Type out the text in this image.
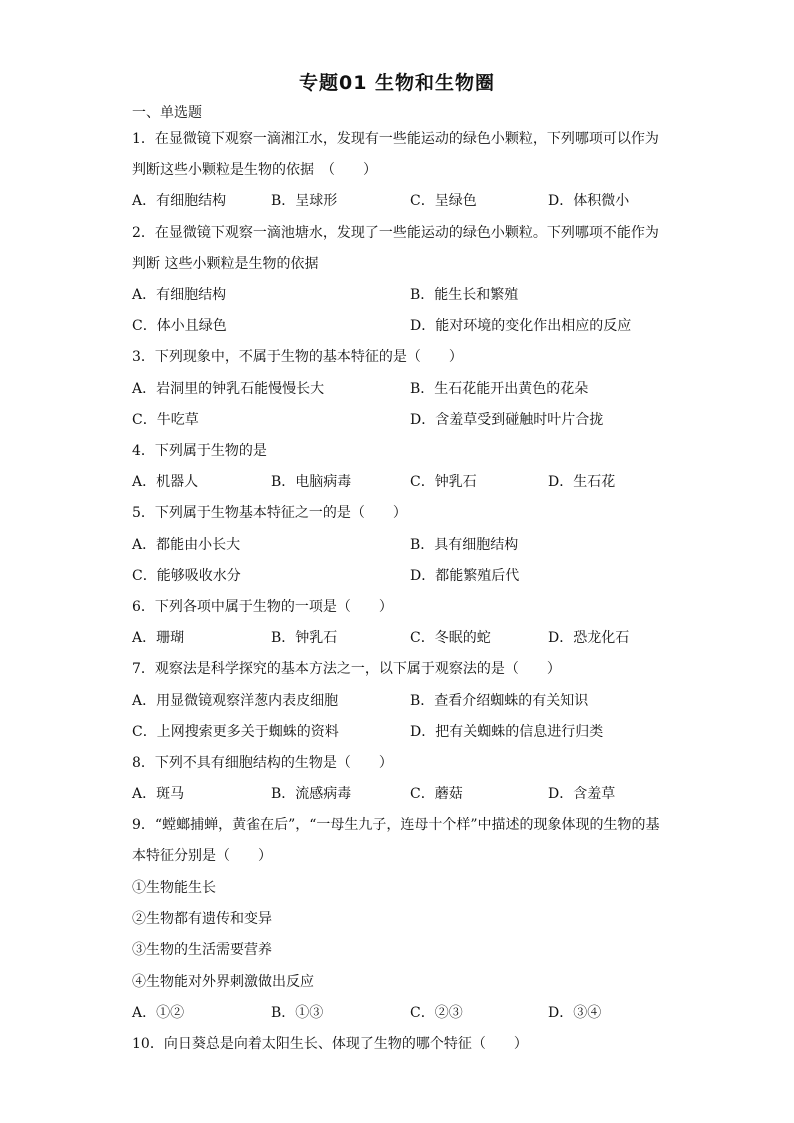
专题01 生物和生物圈
一、单选题
1．在显微镜下观察一滴湘江水，发现有一些能运动的绿色小颗粒，下列哪项可以作为
判断这些小颗粒是生物的依据　（　　）
A．有细胞结构	B．呈球形	C．呈绿色	D．体积微小
2．在显微镜下观察一滴池塘水，发现了一些能运动的绿色小颗粒。下列哪项不能作为
判断 这些小颗粒是生物的依据
A．有细胞结构	B．能生长和繁殖
C．体小且绿色	D．能对环境的变化作出相应的反应
3．下列现象中，不属于生物的基本特征的是（　　）
A．岩洞里的钟乳石能慢慢长大	B．生石花能开出黄色的花朵
C．牛吃草	D．含羞草受到碰触时叶片合拢
4．下列属于生物的是
A．机器人	B．电脑病毒	C．钟乳石	D．生石花
5．下列属于生物基本特征之一的是（　　）
A．都能由小长大	B．具有细胞结构
C．能够吸收水分	D．都能繁殖后代
6．下列各项中属于生物的一项是（　　）
A．珊瑚	B．钟乳石	C．冬眠的蛇	D．恐龙化石
7．观察法是科学探究的基本方法之一，以下属于观察法的是（　　）
A．用显微镜观察洋葱内表皮细胞	B．查看介绍蜘蛛的有关知识
C．上网搜索更多关于蜘蛛的资料	D．把有关蜘蛛的信息进行归类
8．下列不具有细胞结构的生物是（　　）
A．斑马	B．流感病毒	C．蘑菇	D．含羞草
9．“螳螂捕蝉，黄雀在后”，“一母生九子，连母十个样”中描述的现象体现的生物的基
本特征分别是（　　）
①生物能生长
②生物都有遗传和变异
③生物的生活需要营养
④生物能对外界刺激做出反应
A．①②	B．①③	C．②③	D．③④
10．向日葵总是向着太阳生长、体现了生物的哪个特征（　　）
